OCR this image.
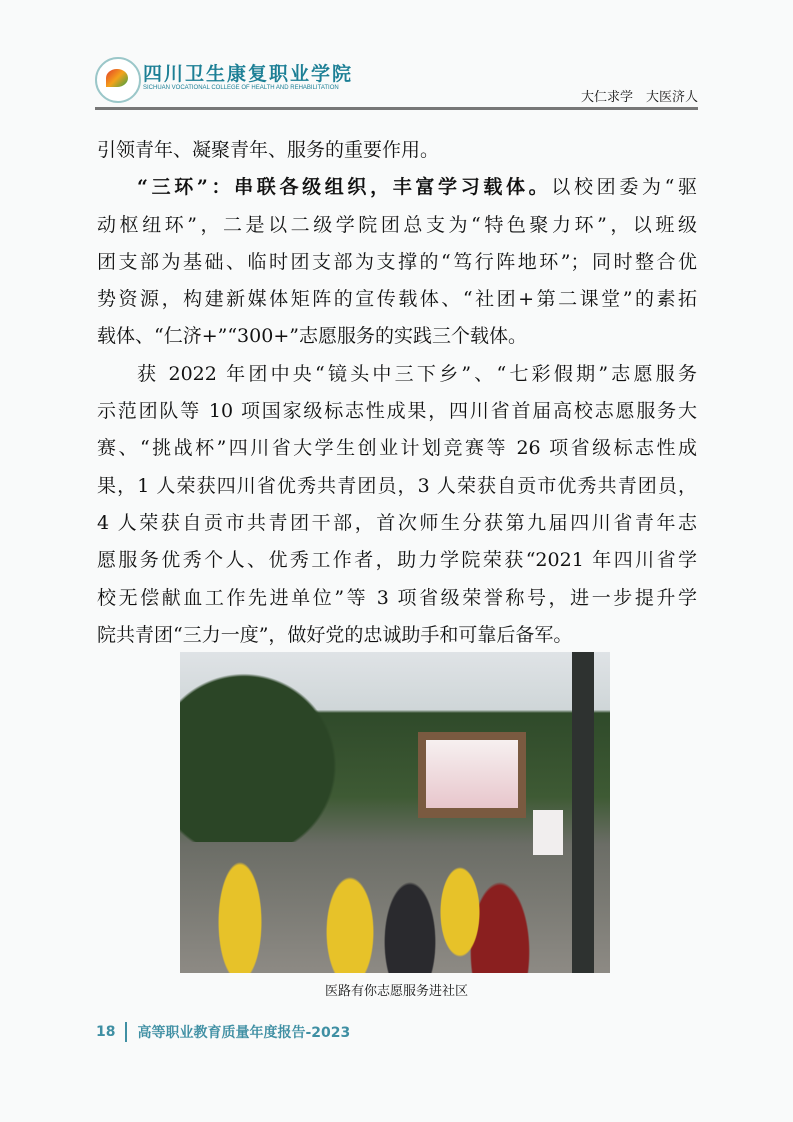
四川卫生康复职业学院
SICHUAN VOCATIONAL COLLEGE OF HEALTH AND REHABILITATION
大仁求学　大医济人
引领青年、凝聚青年、服务的重要作用。
“三环”：串联各级组织，丰富学习载体。以校团委为“驱
动枢纽环”，二是以二级学院团总支为“特色聚力环”，以班级
团支部为基础、临时团支部为支撑的“笃行阵地环”；同时整合优
势资源，构建新媒体矩阵的宣传载体、“社团+第二课堂”的素拓
载体、“仁济+”“300+”志愿服务的实践三个载体。
获 2022 年团中央“镜头中三下乡”、“七彩假期”志愿服务
示范团队等 10 项国家级标志性成果，四川省首届高校志愿服务大
赛、“挑战杯”四川省大学生创业计划竞赛等 26 项省级标志性成
果，1 人荣获四川省优秀共青团员，3 人荣获自贡市优秀共青团员，
4 人荣获自贡市共青团干部，首次师生分获第九届四川省青年志
愿服务优秀个人、优秀工作者，助力学院荣获“2021 年四川省学
校无偿献血工作先进单位”等 3 项省级荣誉称号，进一步提升学
院共青团“三力一度”，做好党的忠诚助手和可靠后备军。
医路有你志愿服务进社区
18 高等职业教育质量年度报告-2023
